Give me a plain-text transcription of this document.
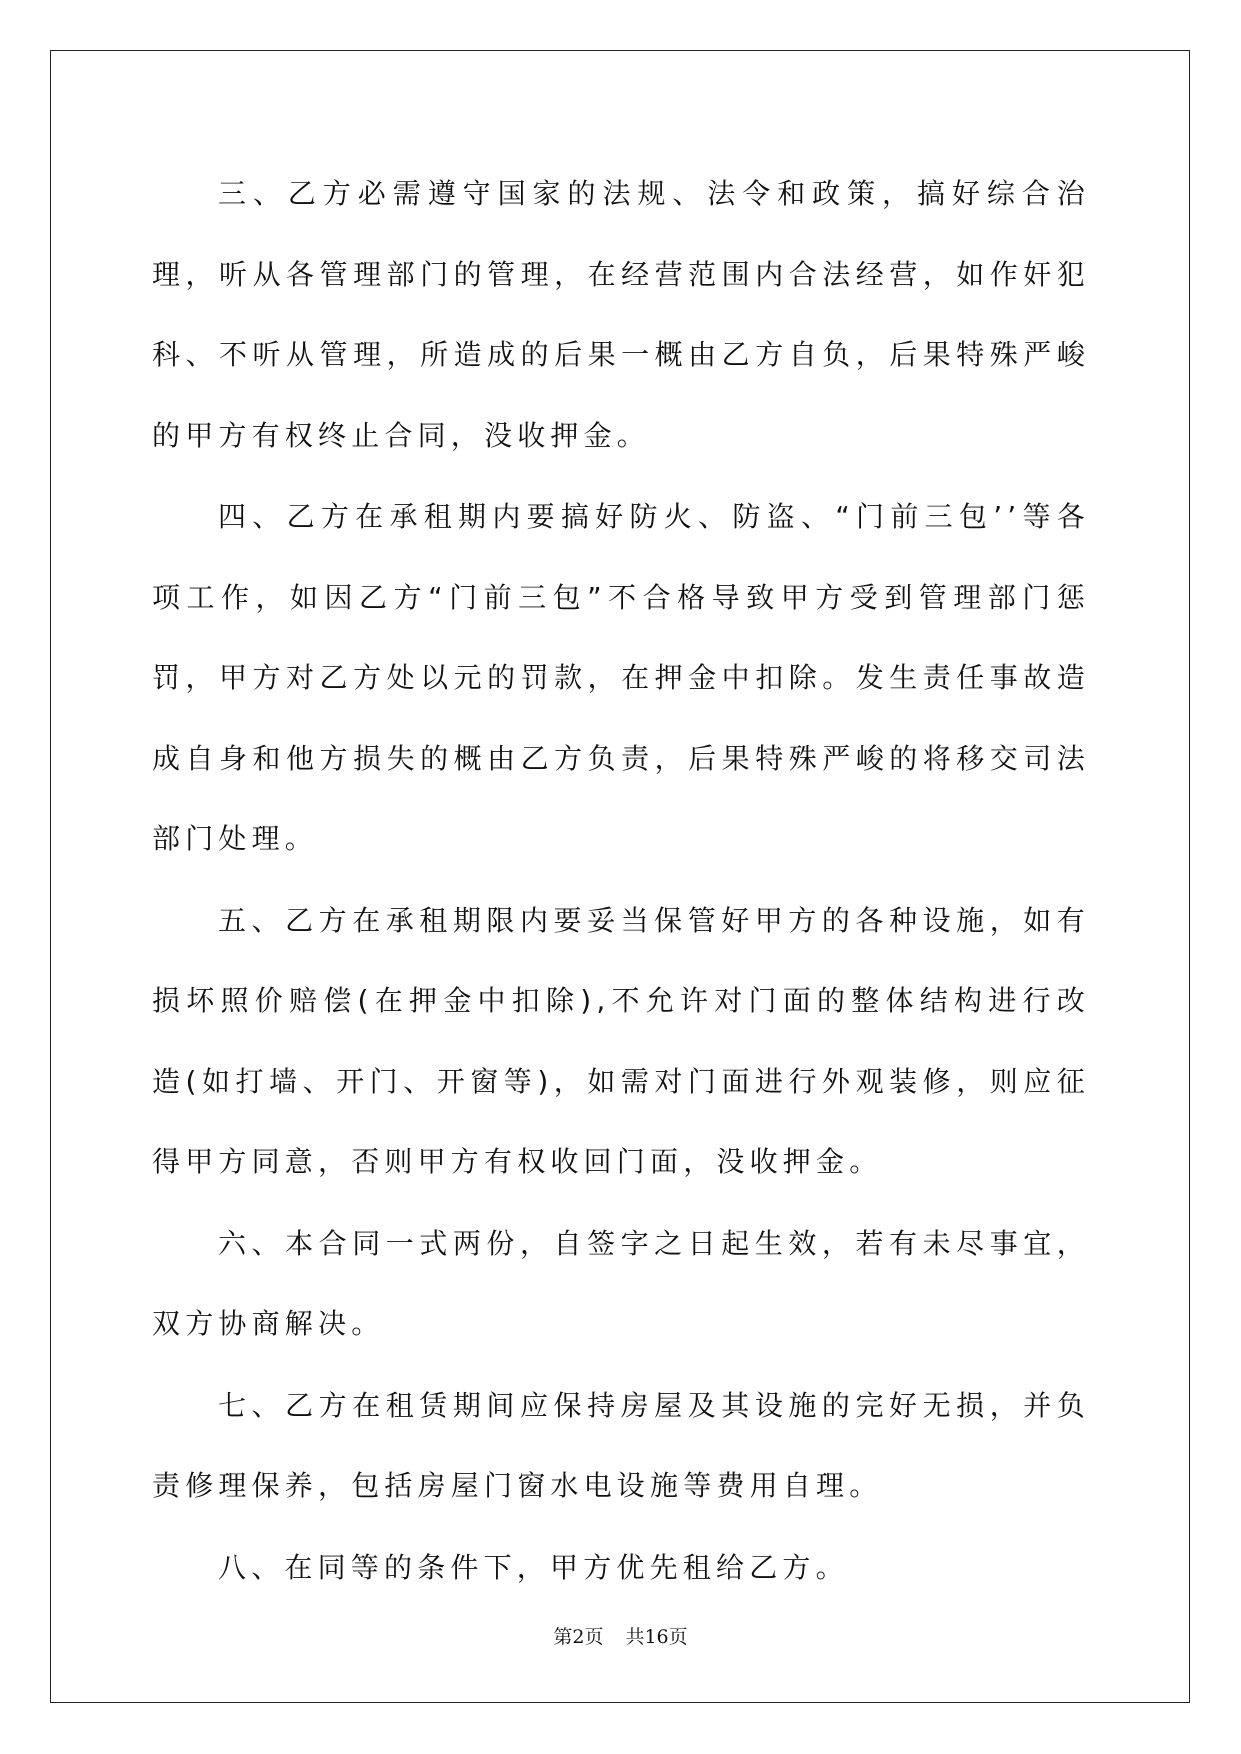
三、乙方必需遵守国家的法规、法令和政策，搞好综合治理，听从各管理部门的管理，在经营范围内合法经营，如作奸犯科、不听从管理，所造成的后果一概由乙方自负，后果特殊严峻的甲方有权终止合同，没收押金。

四、乙方在承租期内要搞好防火、防盗、“门前三包’’等各项工作，如因乙方“门前三包”不合格导致甲方受到管理部门惩罚，甲方对乙方处以元的罚款，在押金中扣除。发生责任事故造成自身和他方损失的概由乙方负责，后果特殊严峻的将移交司法部门处理。

五、乙方在承租期限内要妥当保管好甲方的各种设施，如有损坏照价赔偿(在押金中扣除),不允许对门面的整体结构进行改造(如打墙、开门、开窗等)，如需对门面进行外观装修，则应征得甲方同意，否则甲方有权收回门面，没收押金。

六、本合同一式两份，自签字之日起生效，若有未尽事宜，双方协商解决。

七、乙方在租赁期间应保持房屋及其设施的完好无损，并负责修理保养，包括房屋门窗水电设施等费用自理。

八、在同等的条件下，甲方优先租给乙方。

第2页 共16页
